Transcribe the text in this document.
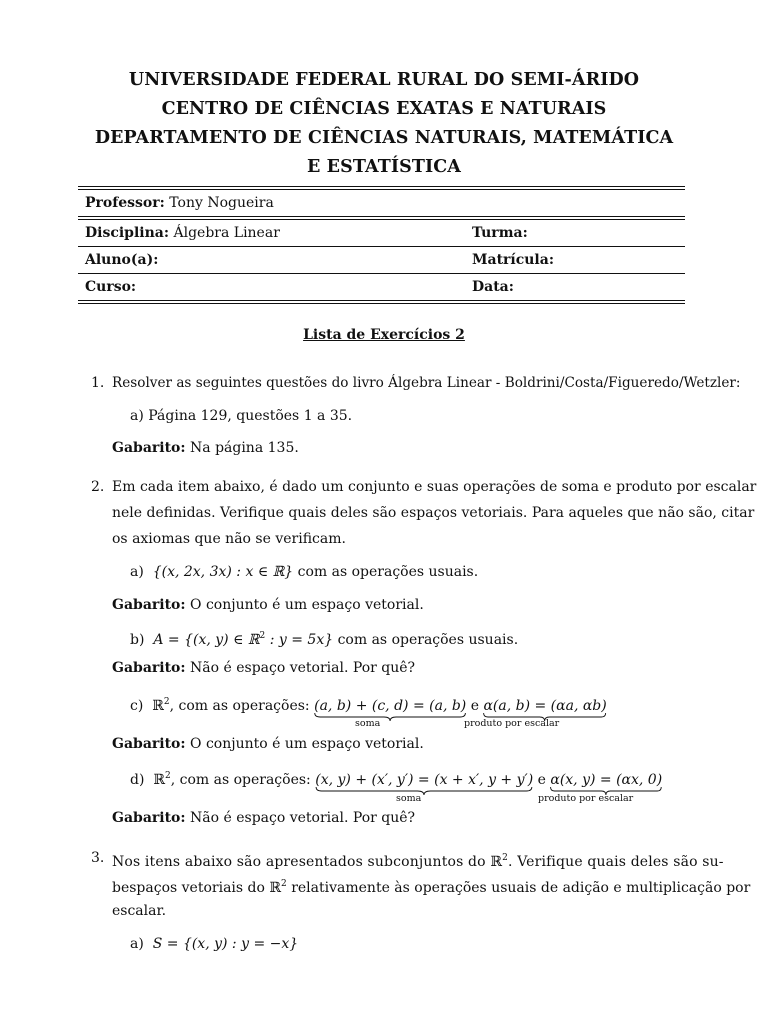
UNIVERSIDADE FEDERAL RURAL DO SEMI-ÁRIDO
CENTRO DE CIÊNCIAS EXATAS E NATURAIS
DEPARTAMENTO DE CIÊNCIAS NATURAIS, MATEMÁTICA
E ESTATÍSTICA
Professor: Tony Nogueira
Disciplina: Álgebra Linear	Turma:
Aluno(a):	Matrícula:
Curso:	Data:
Lista de Exercícios 2
1. Resolver as seguintes questões do livro Álgebra Linear - Boldrini/Costa/Figueredo/Wetzler:
a) Página 129, questões 1 a 35.
Gabarito: Na página 135.
2. Em cada item abaixo, é dado um conjunto e suas operações de soma e produto por escalar
nele definidas. Verifique quais deles são espaços vetoriais. Para aqueles que não são, citar
os axiomas que não se verificam.
a) {(x, 2x, 3x) : x ∈ ℝ} com as operações usuais.
Gabarito: O conjunto é um espaço vetorial.
b) A = {(x, y) ∈ ℝ$^2$ : y = 5x} com as operações usuais.
Gabarito: Não é espaço vetorial. Por quê?
c) ℝ$^2$, com as operações: (a, b) + (c, d) = (a, b) e α(a, b) = (αa, αb)
soma	produto por escalar
Gabarito: O conjunto é um espaço vetorial.
d) ℝ$^2$, com as operações: (x, y) + (x′, y′) = (x + x′, y + y′) e α(x, y) = (αx, 0)
soma	produto por escalar
Gabarito: Não é espaço vetorial. Por quê?
3. Nos itens abaixo são apresentados subconjuntos do ℝ$^2$. Verifique quais deles são su-
bespaços vetoriais do ℝ$^2$ relativamente às operações usuais de adição e multiplicação por
escalar.
a) S = {(x, y) : y = −x}
